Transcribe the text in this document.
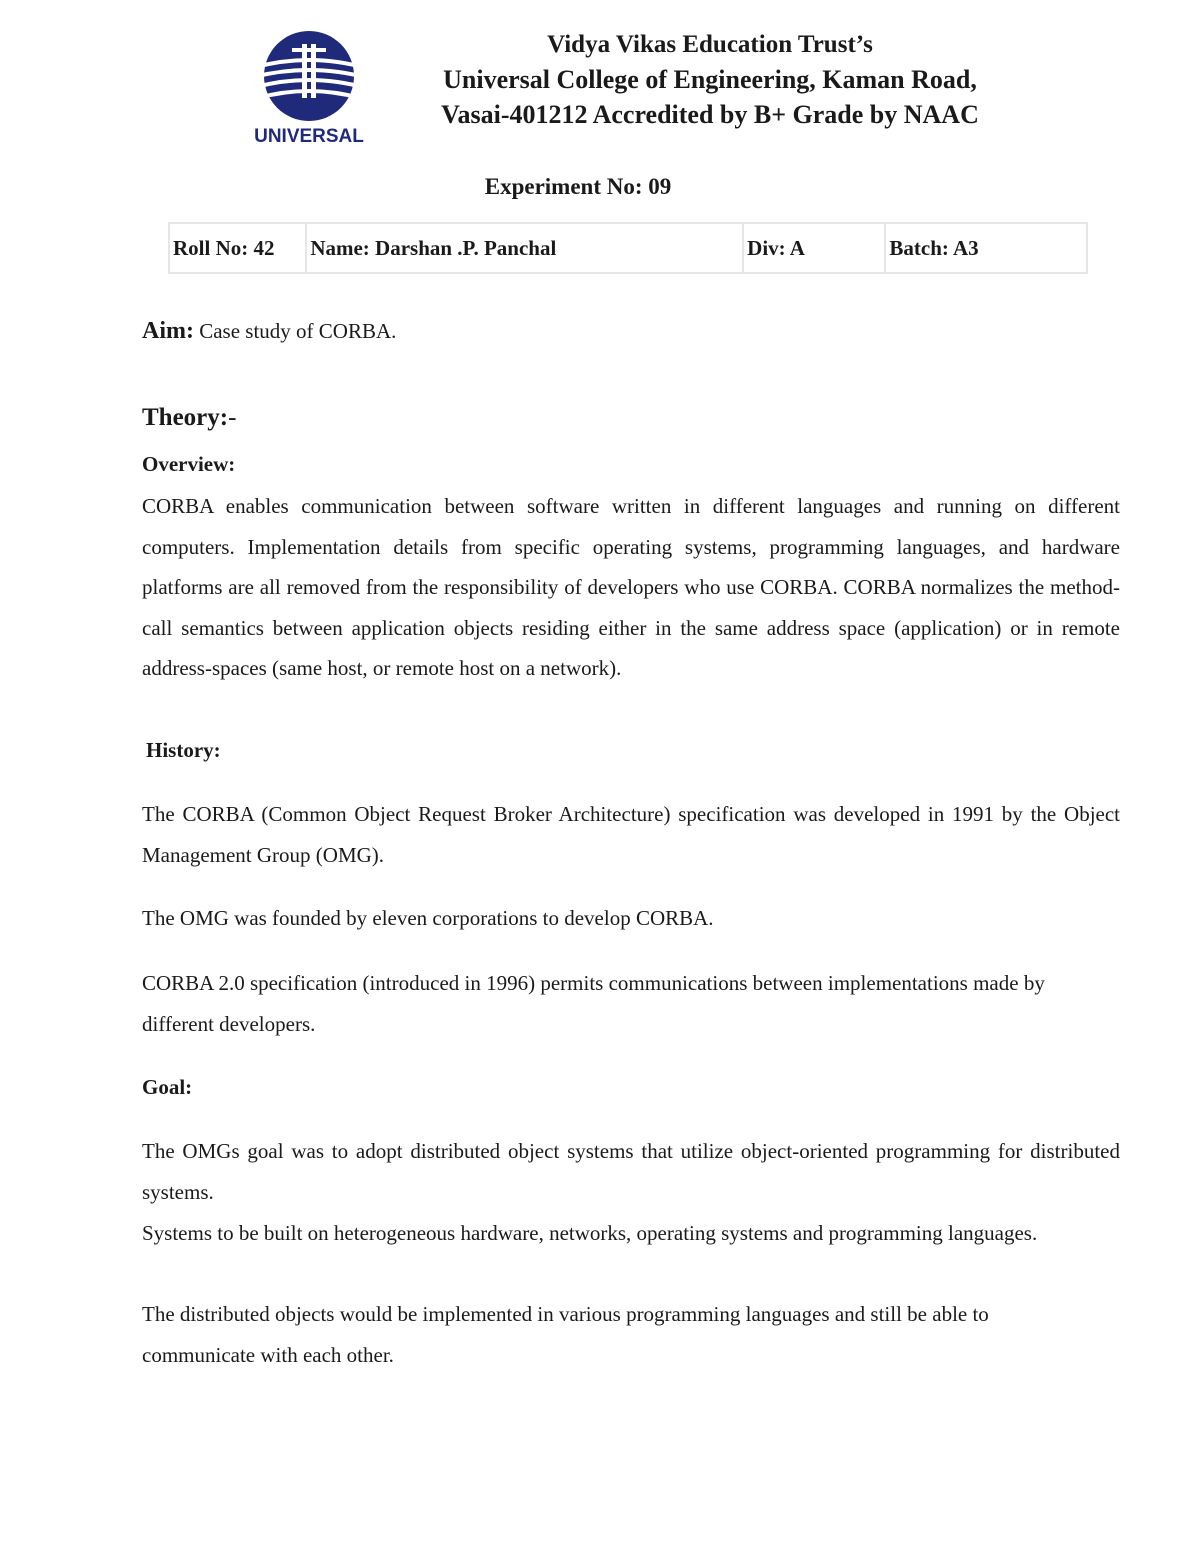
UNIVERSAL
Vidya Vikas Education Trust’s
Universal College of Engineering, Kaman Road,
Vasai-401212 Accredited by B+ Grade by NAAC
Experiment No: 09
Roll No: 42	Name: Darshan .P. Panchal	Div: A	Batch: A3
Aim: Case study of CORBA.
Theory:-
Overview:
CORBA enables communication between software written in different languages and running on different computers. Implementation details from specific operating systems, programming languages, and hardware platforms are all removed from the responsibility of developers who use CORBA. CORBA normalizes the method-call semantics between application objects residing either in the same address space (application) or in remote address-spaces (same host, or remote host on a network).
History:
The CORBA (Common Object Request Broker Architecture) specification was developed in 1991 by the Object Management Group (OMG).
The OMG was founded by eleven corporations to develop CORBA.
CORBA 2.0 specification (introduced in 1996) permits communications between implementations made by different developers.
Goal:
The OMGs goal was to adopt distributed object systems that utilize object-oriented programming for distributed systems.
Systems to be built on heterogeneous hardware, networks, operating systems and programming languages.
The distributed objects would be implemented in various programming languages and still be able to communicate with each other.
